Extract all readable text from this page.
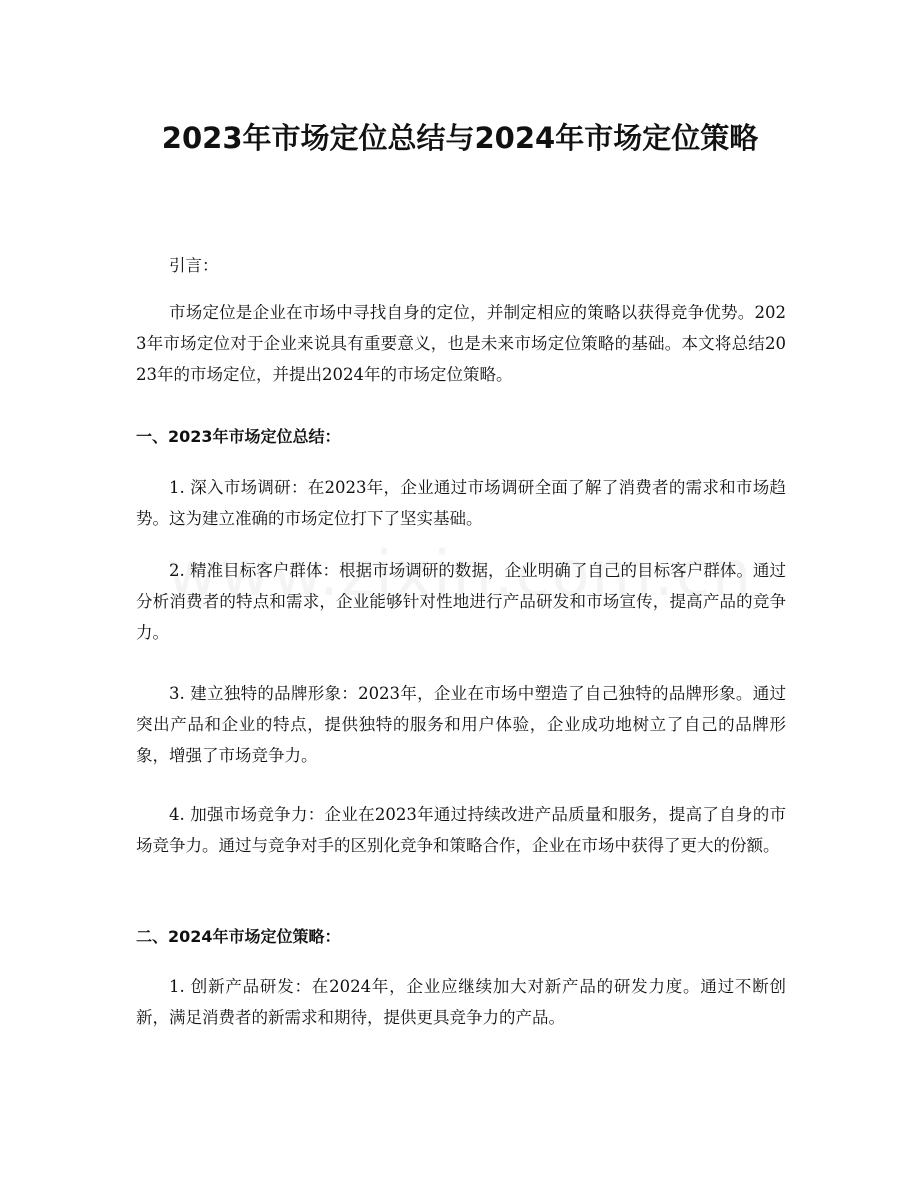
2023年市场定位总结与2024年市场定位策略

引言：

市场定位是企业在市场中寻找自身的定位，并制定相应的策略以获得竞争优势。2023年市场定位对于企业来说具有重要意义，也是未来市场定位策略的基础。本文将总结2023年的市场定位，并提出2024年的市场定位策略。

一、2023年市场定位总结：

1. 深入市场调研：在2023年，企业通过市场调研全面了解了消费者的需求和市场趋势。这为建立准确的市场定位打下了坚实基础。

2. 精准目标客户群体：根据市场调研的数据，企业明确了自己的目标客户群体。通过分析消费者的特点和需求，企业能够针对性地进行产品研发和市场宣传，提高产品的竞争力。

3. 建立独特的品牌形象：2023年，企业在市场中塑造了自己独特的品牌形象。通过突出产品和企业的特点，提供独特的服务和用户体验，企业成功地树立了自己的品牌形象，增强了市场竞争力。

4. 加强市场竞争力：企业在2023年通过持续改进产品质量和服务，提高了自身的市场竞争力。通过与竞争对手的区别化竞争和策略合作，企业在市场中获得了更大的份额。

二、2024年市场定位策略：

1. 创新产品研发：在2024年，企业应继续加大对新产品的研发力度。通过不断创新，满足消费者的新需求和期待，提供更具竞争力的产品。
